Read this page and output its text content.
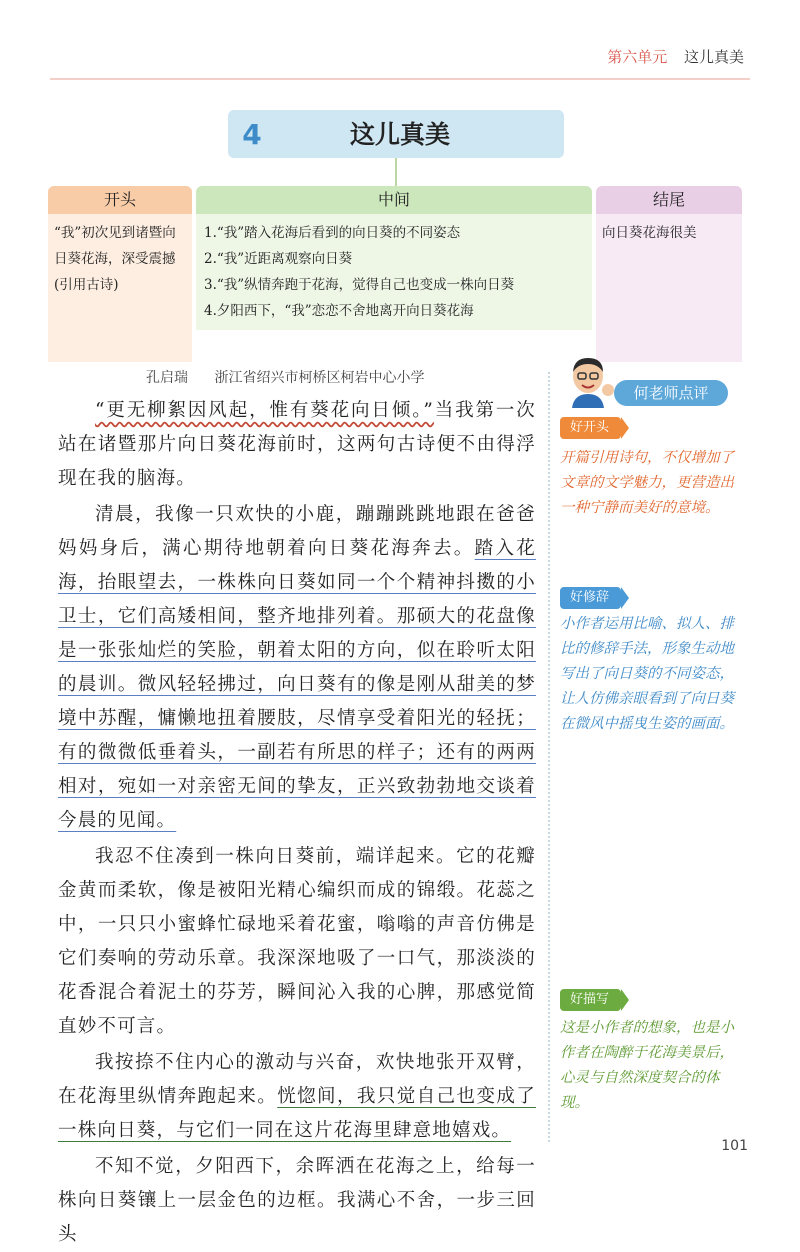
第六单元 这儿真美
4	这儿真美
开头
“我”初次见到诸暨向日葵花海，深受震撼(引用古诗)
中间
1.“我”踏入花海后看到的向日葵的不同姿态
2.“我”近距离观察向日葵
3.“我”纵情奔跑于花海，觉得自己也变成一株向日葵
4.夕阳西下，“我”恋恋不舍地离开向日葵花海
结尾
向日葵花海很美
孔启瑞 浙江省绍兴市柯桥区柯岩中心小学

“更无柳絮因风起，惟有葵花向日倾。”当我第一次站在诸暨那片向日葵花海前时，这两句古诗便不由得浮现在我的脑海。

清晨，我像一只欢快的小鹿，蹦蹦跳跳地跟在爸爸妈妈身后，满心期待地朝着向日葵花海奔去。踏入花海，抬眼望去，一株株向日葵如同一个个精神抖擞的小卫士，它们高矮相间，整齐地排列着。那硕大的花盘像是一张张灿烂的笑脸，朝着太阳的方向，似在聆听太阳的晨训。微风轻轻拂过，向日葵有的像是刚从甜美的梦境中苏醒，慵懒地扭着腰肢，尽情享受着阳光的轻抚；有的微微低垂着头，一副若有所思的样子；还有的两两相对，宛如一对亲密无间的挚友，正兴致勃勃地交谈着今晨的见闻。

我忍不住凑到一株向日葵前，端详起来。它的花瓣金黄而柔软，像是被阳光精心编织而成的锦缎。花蕊之中，一只只小蜜蜂忙碌地采着花蜜，嗡嗡的声音仿佛是它们奏响的劳动乐章。我深深地吸了一口气，那淡淡的花香混合着泥土的芬芳，瞬间沁入我的心脾，那感觉简直妙不可言。

我按捺不住内心的激动与兴奋，欢快地张开双臂，在花海里纵情奔跑起来。恍惚间，我只觉自己也变成了一株向日葵，与它们一同在这片花海里肆意地嬉戏。

不知不觉，夕阳西下，余晖洒在花海之上，给每一株向日葵镶上一层金色的边框。我满心不舍，一步三回头

何老师点评
好开头
开篇引用诗句，不仅增加了文章的文学魅力，更营造出一种宁静而美好的意境。
好修辞
小作者运用比喻、拟人、排比的修辞手法，形象生动地写出了向日葵的不同姿态，让人仿佛亲眼看到了向日葵在微风中摇曳生姿的画面。
好描写
这是小作者的想象，也是小作者在陶醉于花海美景后，心灵与自然深度契合的体现。
101
